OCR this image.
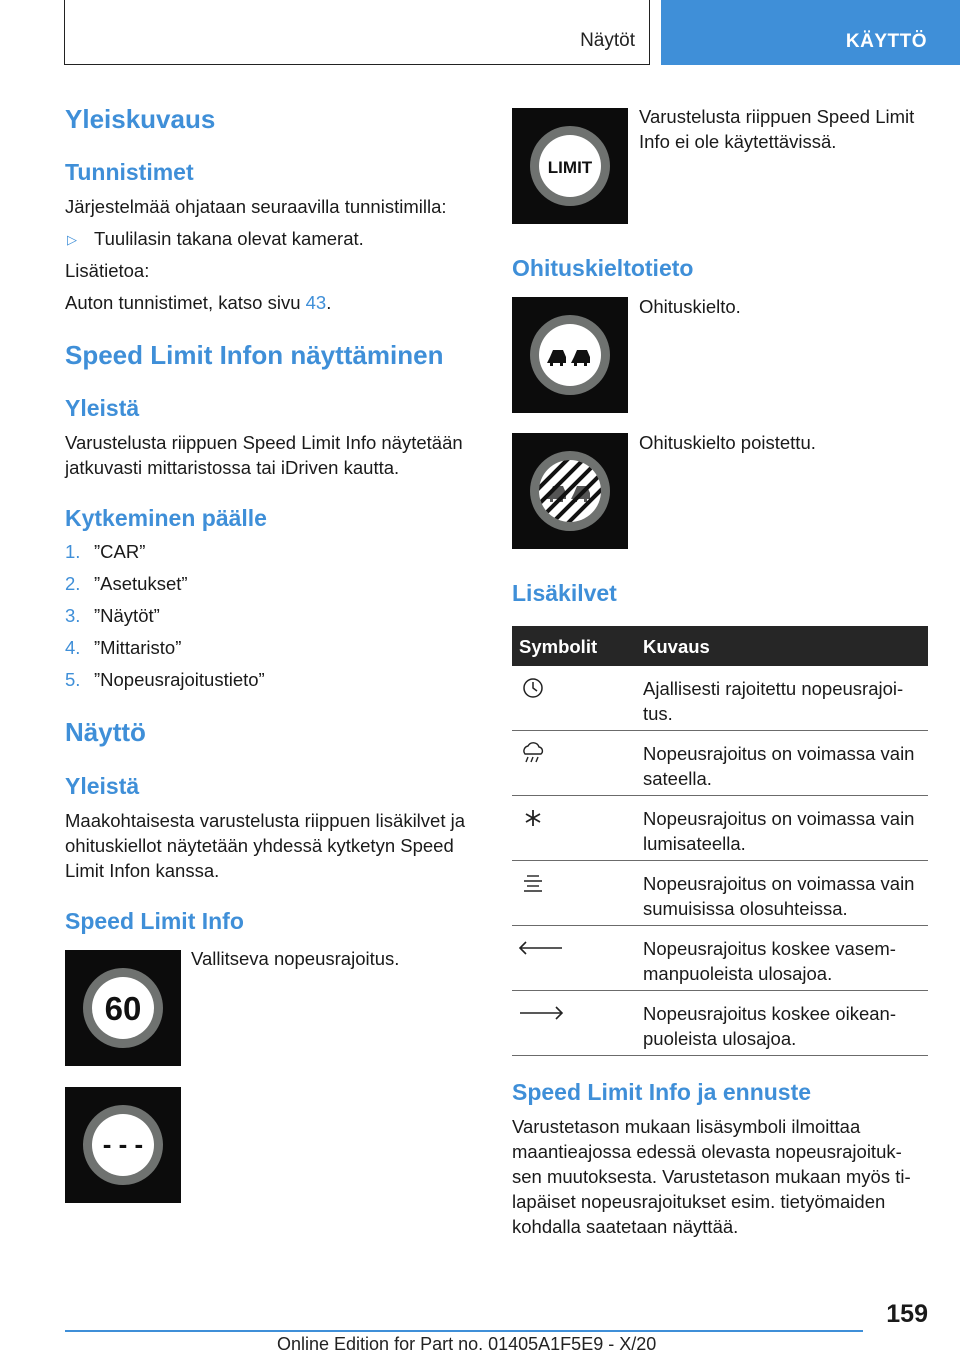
Näytöt	KÄYTTÖ
Yleiskuvaus
Tunnistimet
Järjestelmää ohjataan seuraavilla tunnistimilla:
▷ Tuulilasin takana olevat kamerat.
Lisätietoa:
Auton tunnistimet, katso sivu 43.
Speed Limit Infon näyttäminen
Yleistä
Varustelusta riippuen Speed Limit Info näytetään
jatkuvasti mittaristossa tai iDriven kautta.
Kytkeminen päälle
1. ”CAR”
2. ”Asetukset”
3. ”Näytöt”
4. ”Mittaristo”
5. ”Nopeusrajoitustieto”
Näyttö
Yleistä
Maakohtaisesta varustelusta riippuen lisäkilvet ja
ohituskiellot näytetään yhdessä kytketyn Speed
Limit Infon kanssa.
Speed Limit Info
Vallitseva nopeusrajoitus.
60
- - -
LIMIT
Varustelusta riippuen Speed Limit
Info ei ole käytettävissä.
Ohituskieltotieto
Ohituskielto.
Ohituskielto poistettu.
Lisäkilvet
Symbolit Kuvaus
Ajallisesti rajoitettu nopeusrajoi-
tus.
Nopeusrajoitus on voimassa vain
sateella.
Nopeusrajoitus on voimassa vain
lumisateella.
Nopeusrajoitus on voimassa vain
sumuisissa olosuhteissa.
Nopeusrajoitus koskee vasem-
manpuoleista ulosajoa.
Nopeusrajoitus koskee oikean-
puoleista ulosajoa.
Speed Limit Info ja ennuste
Varustetason mukaan lisäsymboli ilmoittaa
maantieajossa edessä olevasta nopeusrajoituk-
sen muutoksesta. Varustetason mukaan myös ti-
lapäiset nopeusrajoitukset esim. tietyömaiden
kohdalla saatetaan näyttää.
159
Online Edition for Part no. 01405A1F5E9 - X/20
